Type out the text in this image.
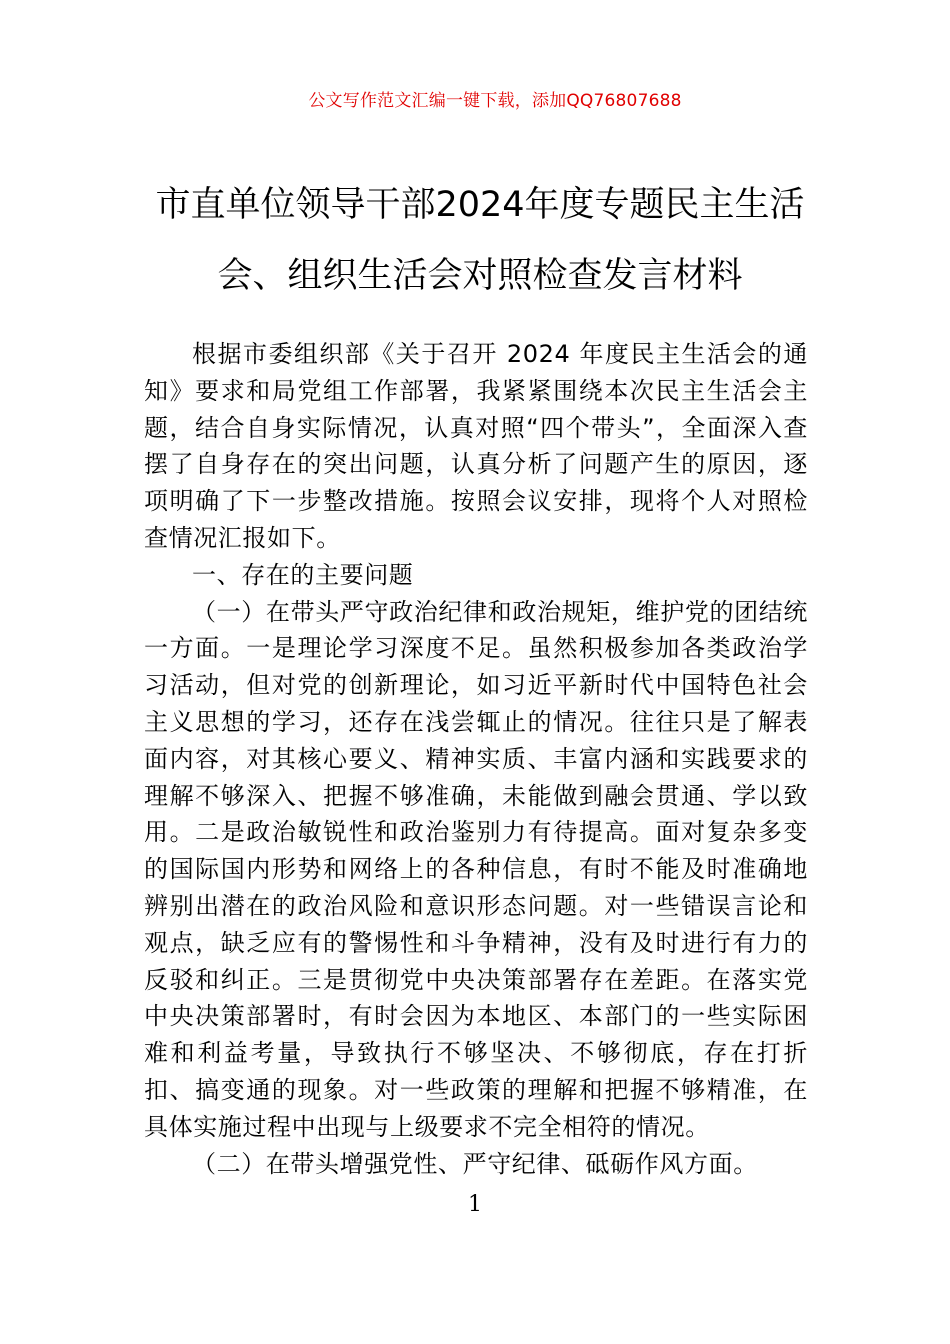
公文写作范文汇编一键下载，添加QQ76807688
市直单位领导干部2024年度专题民主生活
会、组织生活会对照检查发言材料

根据市委组织部《关于召开 2024 年度民主生活会的通知》要求和局党组工作部署，我紧紧围绕本次民主生活会主题，结合自身实际情况，认真对照“四个带头”，全面深入查摆了自身存在的突出问题，认真分析了问题产生的原因，逐项明确了下一步整改措施。按照会议安排，现将个人对照检查情况汇报如下。

一、存在的主要问题

（一）在带头严守政治纪律和政治规矩，维护党的团结统一方面。一是理论学习深度不足。虽然积极参加各类政治学习活动，但对党的创新理论，如习近平新时代中国特色社会主义思想的学习，还存在浅尝辄止的情况。往往只是了解表面内容，对其核心要义、精神实质、丰富内涵和实践要求的理解不够深入、把握不够准确，未能做到融会贯通、学以致用。二是政治敏锐性和政治鉴别力有待提高。面对复杂多变的国际国内形势和网络上的各种信息，有时不能及时准确地辨别出潜在的政治风险和意识形态问题。对一些错误言论和观点，缺乏应有的警惕性和斗争精神，没有及时进行有力的反驳和纠正。三是贯彻党中央决策部署存在差距。在落实党中央决策部署时，有时会因为本地区、本部门的一些实际困难和利益考量，导致执行不够坚决、不够彻底，存在打折扣、搞变通的现象。对一些政策的理解和把握不够精准，在具体实施过程中出现与上级要求不完全相符的情况。

（二）在带头增强党性、严守纪律、砥砺作风方面。

1
